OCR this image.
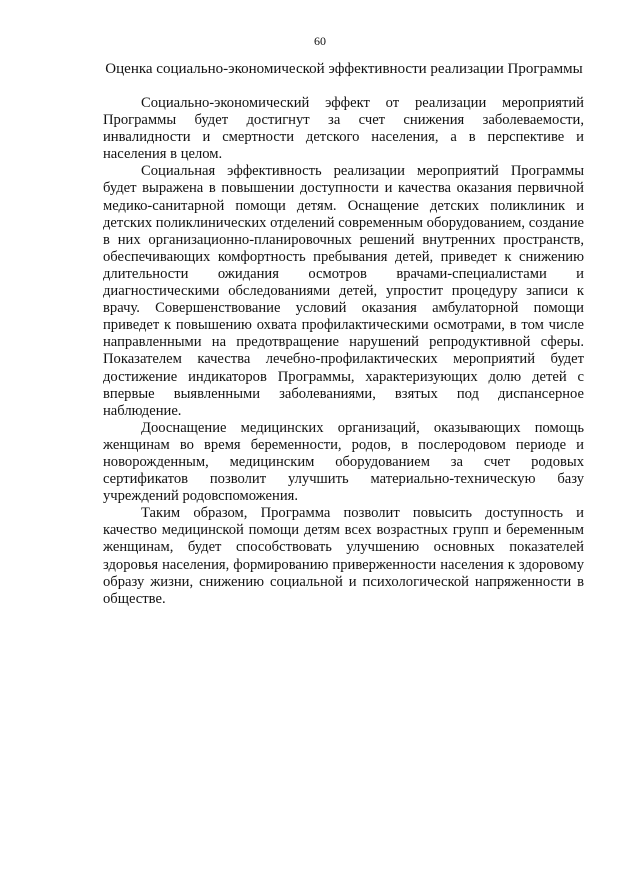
60
Оценка социально-экономической эффективности реализации Программы

Социально-экономический эффект от реализации мероприятий Программы будет достигнут за счет снижения заболеваемости, инвалидности и смертности детского населения, а в перспективе и населения в целом.

Социальная эффективность реализации мероприятий Программы будет выражена в повышении доступности и качества оказания первичной медико-санитарной помощи детям. Оснащение детских поликлиник и детских поликлинических отделений современным оборудованием, создание в них организационно-планировочных решений внутренних пространств, обеспечивающих комфортность пребывания детей, приведет к снижению длительности ожидания осмотров врачами-специалистами и диагностическими обследованиями детей, упростит процедуру записи к врачу. Совершенствование условий оказания амбулаторной помощи приведет к повышению охвата профилактическими осмотрами, в том числе направленными на предотвращение нарушений репродуктивной сферы. Показателем качества лечебно-профилактических мероприятий будет достижение индикаторов Программы, характеризующих долю детей с впервые выявленными заболеваниями, взятых под диспансерное наблюдение.

Дооснащение медицинских организаций, оказывающих помощь женщинам во время беременности, родов, в послеродовом периоде и новорожденным, медицинским оборудованием за счет родовых сертификатов позволит улучшить материально-техническую базу учреждений родовспоможения.

Таким образом, Программа позволит повысить доступность и качество медицинской помощи детям всех возрастных групп и беременным женщинам, будет способствовать улучшению основных показателей здоровья населения, формированию приверженности населения к здоровому образу жизни, снижению социальной и психологической напряженности в обществе.
